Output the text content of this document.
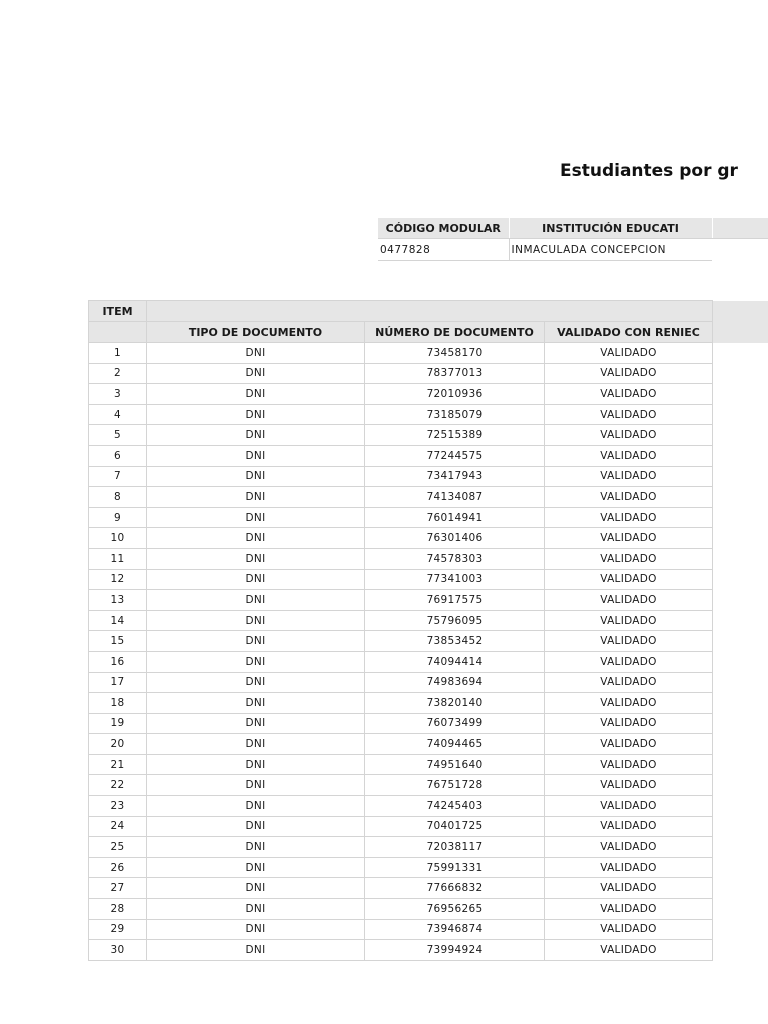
Estudiantes por gr
CÓDIGO MODULAR	INSTITUCIÓN EDUCATI	
0477828	INMACULADA CONCEPCION	
ITEM				
	TIPO DE DOCUMENTO	NÚMERO DE DOCUMENTO	VALIDADO CON RENIEC	
1	DNI	73458170	VALIDADO	
2	DNI	78377013	VALIDADO	
3	DNI	72010936	VALIDADO	
4	DNI	73185079	VALIDADO	
5	DNI	72515389	VALIDADO	
6	DNI	77244575	VALIDADO	
7	DNI	73417943	VALIDADO	
8	DNI	74134087	VALIDADO	
9	DNI	76014941	VALIDADO	
10	DNI	76301406	VALIDADO	
11	DNI	74578303	VALIDADO	
12	DNI	77341003	VALIDADO	
13	DNI	76917575	VALIDADO	
14	DNI	75796095	VALIDADO	
15	DNI	73853452	VALIDADO	
16	DNI	74094414	VALIDADO	
17	DNI	74983694	VALIDADO	
18	DNI	73820140	VALIDADO	
19	DNI	76073499	VALIDADO	
20	DNI	74094465	VALIDADO	
21	DNI	74951640	VALIDADO	
22	DNI	76751728	VALIDADO	
23	DNI	74245403	VALIDADO	
24	DNI	70401725	VALIDADO	
25	DNI	72038117	VALIDADO	
26	DNI	75991331	VALIDADO	
27	DNI	77666832	VALIDADO	
28	DNI	76956265	VALIDADO	
29	DNI	73946874	VALIDADO	
30	DNI	73994924	VALIDADO	
